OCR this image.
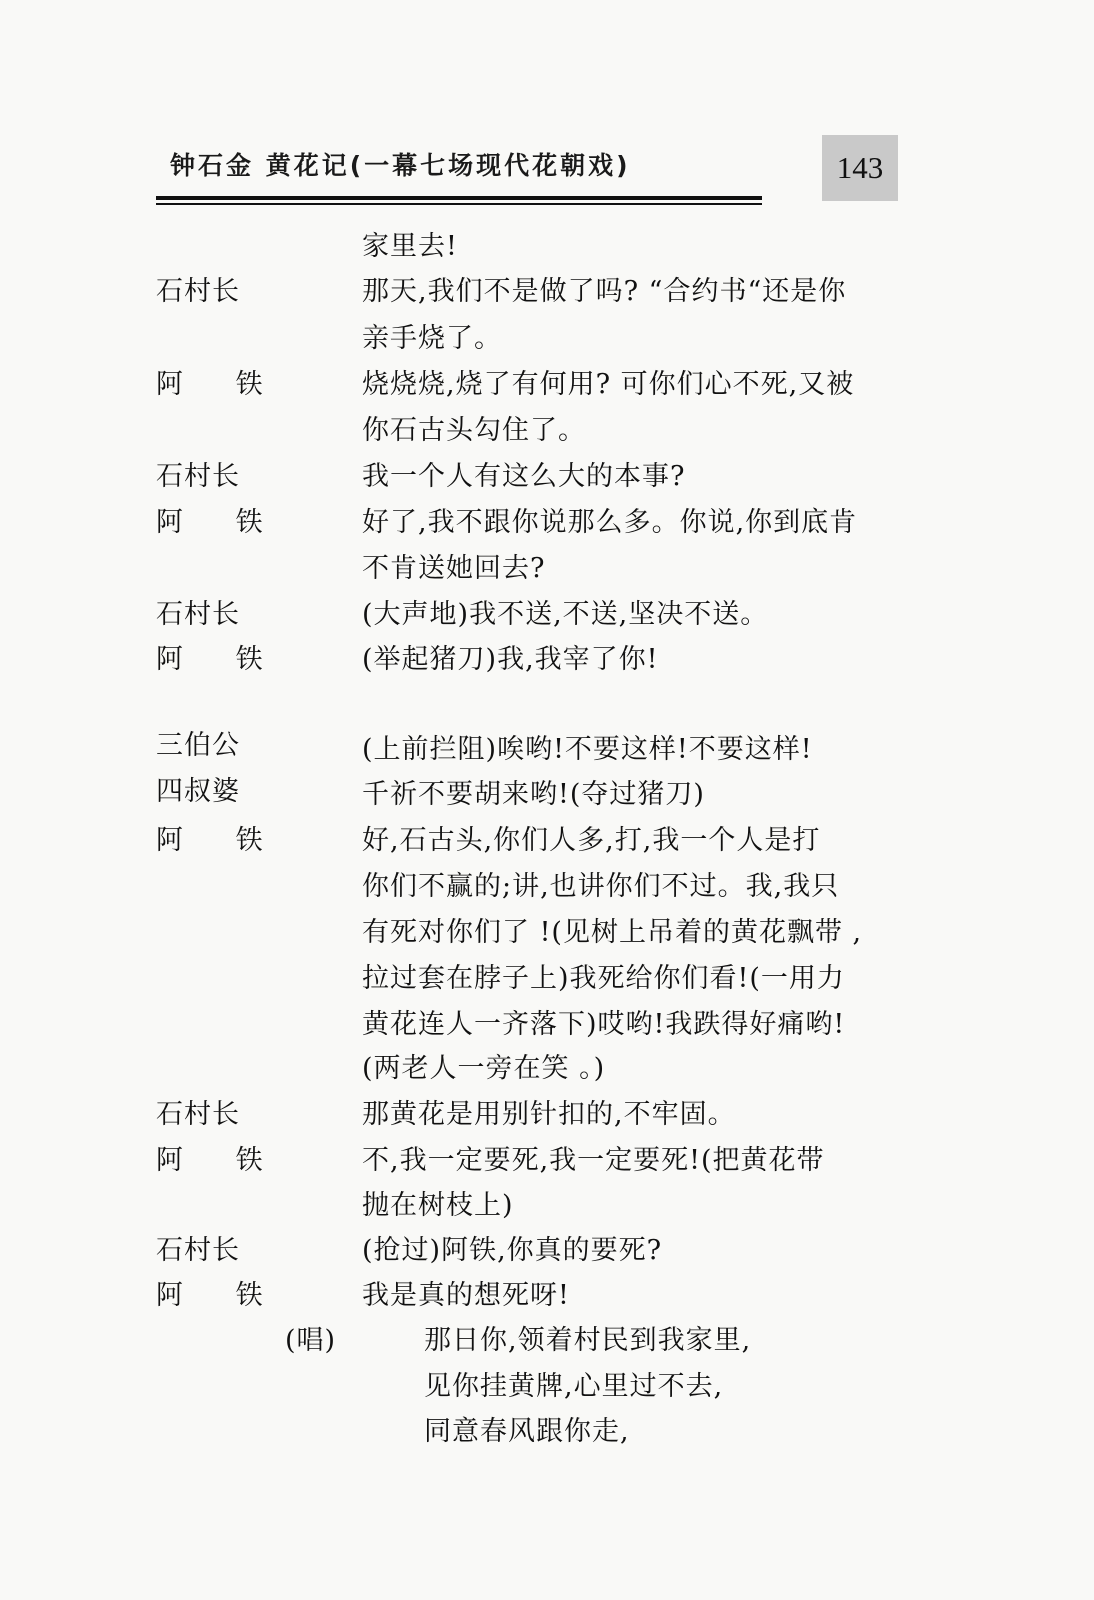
钟石金 黄花记(一幕七场现代花朝戏)	143
家里去!
石村长	那天,我们不是做了吗? “合约书“还是你
亲手烧了。
阿 铁	烧烧烧,烧了有何用? 可你们心不死,又被
你石古头勾住了。
石村长	我一个人有这么大的本事?
阿 铁	好了,我不跟你说那么多。你说,你到底肯
不肯送她回去?
石村长	(大声地)我不送,不送,坚决不送。
阿 铁	(举起猪刀)我,我宰了你!
三伯公	(上前拦阻)唉哟!不要这样!不要这样!
四叔婆	千祈不要胡来哟!(夺过猪刀)
阿 铁	好,石古头,你们人多,打,我一个人是打
你们不赢的;讲,也讲你们不过。我,我只
有死对你们了 !(见树上吊着的黄花飘带 ,
拉过套在脖子上)我死给你们看!(一用力
黄花连人一齐落下)哎哟!我跌得好痛哟!
(两老人一旁在笑 。)
石村长	那黄花是用别针扣的,不牢固。
阿 铁	不,我一定要死,我一定要死!(把黄花带
抛在树枝上)
石村长	(抢过)阿铁,你真的要死?
阿 铁	我是真的想死呀!
(唱)	那日你,领着村民到我家里,
见你挂黄牌,心里过不去,
同意春风跟你走,
